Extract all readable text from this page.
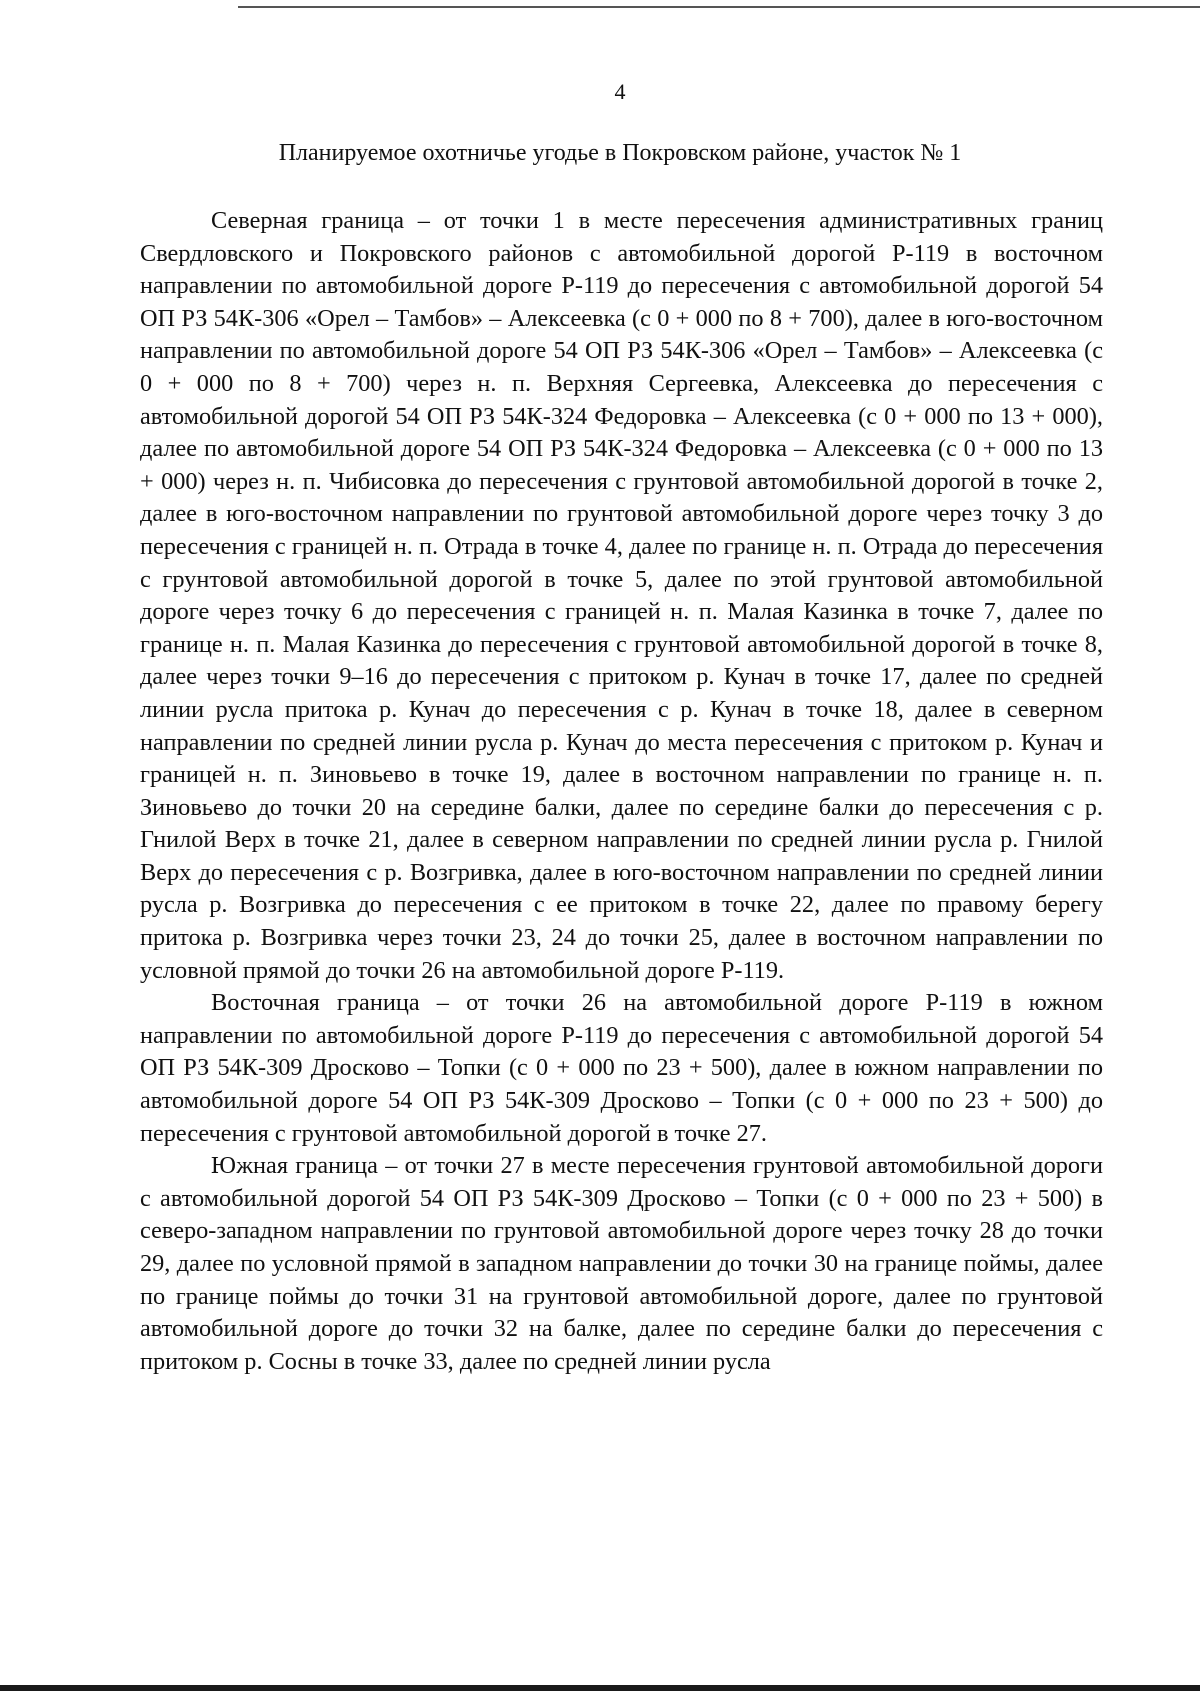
4
Планируемое охотничье угодье в Покровском районе, участок № 1

Северная граница – от точки 1 в месте пересечения административных границ Свердловского и Покровского районов с автомобильной дорогой Р-119 в восточном направлении по автомобильной дороге Р-119 до пересечения с автомобильной дорогой 54 ОП РЗ 54К-306 «Орел – Тамбов» – Алексеевка (с 0 + 000 по 8 + 700), далее в юго-восточном направлении по автомобильной дороге 54 ОП РЗ 54К-306 «Орел – Тамбов» – Алексеевка (с 0 + 000 по 8 + 700) через н. п. Верхняя Сергеевка, Алексеевка до пересечения с автомобильной дорогой 54 ОП РЗ 54К-324 Федоровка – Алексеевка (с 0 + 000 по 13 + 000), далее по автомобильной дороге 54 ОП РЗ 54К-324 Федоровка – Алексеевка (с 0 + 000 по 13 + 000) через н. п. Чибисовка до пересечения с грунтовой автомобильной дорогой в точке 2, далее в юго-восточном направлении по грунтовой автомобильной дороге через точку 3 до пересечения с границей н. п. Отрада в точке 4, далее по границе н. п. Отрада до пересечения с грунтовой автомобильной дорогой в точке 5, далее по этой грунтовой автомобильной дороге через точку 6 до пересечения с границей н. п. Малая Казинка в точке 7, далее по границе н. п. Малая Казинка до пересечения с грунтовой автомобильной дорогой в точке 8, далее через точки 9–16 до пересечения с притоком р. Кунач в точке 17, далее по средней линии русла притока р. Кунач до пересечения с р. Кунач в точке 18, далее в северном направлении по средней линии русла р. Кунач до места пересечения с притоком р. Кунач и границей н. п. Зиновьево в точке 19, далее в восточном направлении по границе н. п. Зиновьево до точки 20 на середине балки, далее по середине балки до пересечения с р. Гнилой Верх в точке 21, далее в северном направлении по средней линии русла р. Гнилой Верх до пересечения с р. Возгривка, далее в юго-восточном направлении по средней линии русла р. Возгривка до пересечения с ее притоком в точке 22, далее по правому берегу притока р. Возгривка через точки 23, 24 до точки 25, далее в восточном направлении по условной прямой до точки 26 на автомобильной дороге Р-119.

Восточная граница – от точки 26 на автомобильной дороге Р-119 в южном направлении по автомобильной дороге Р-119 до пересечения с автомобильной дорогой 54 ОП РЗ 54К-309 Дросково – Топки (с 0 + 000 по 23 + 500), далее в южном направлении по автомобильной дороге 54 ОП РЗ 54К-309 Дросково – Топки (с 0 + 000 по 23 + 500) до пересечения с грунтовой автомобильной дорогой в точке 27.

Южная граница – от точки 27 в месте пересечения грунтовой автомобильной дороги с автомобильной дорогой 54 ОП РЗ 54К-309 Дросково – Топки (с 0 + 000 по 23 + 500) в северо-западном направлении по грунтовой автомобильной дороге через точку 28 до точки 29, далее по условной прямой в западном направлении до точки 30 на границе поймы, далее по границе поймы до точки 31 на грунтовой автомобильной дороге, далее по грунтовой автомобильной дороге до точки 32 на балке, далее по середине балки до пересечения с притоком р. Сосны в точке 33, далее по средней линии русла
